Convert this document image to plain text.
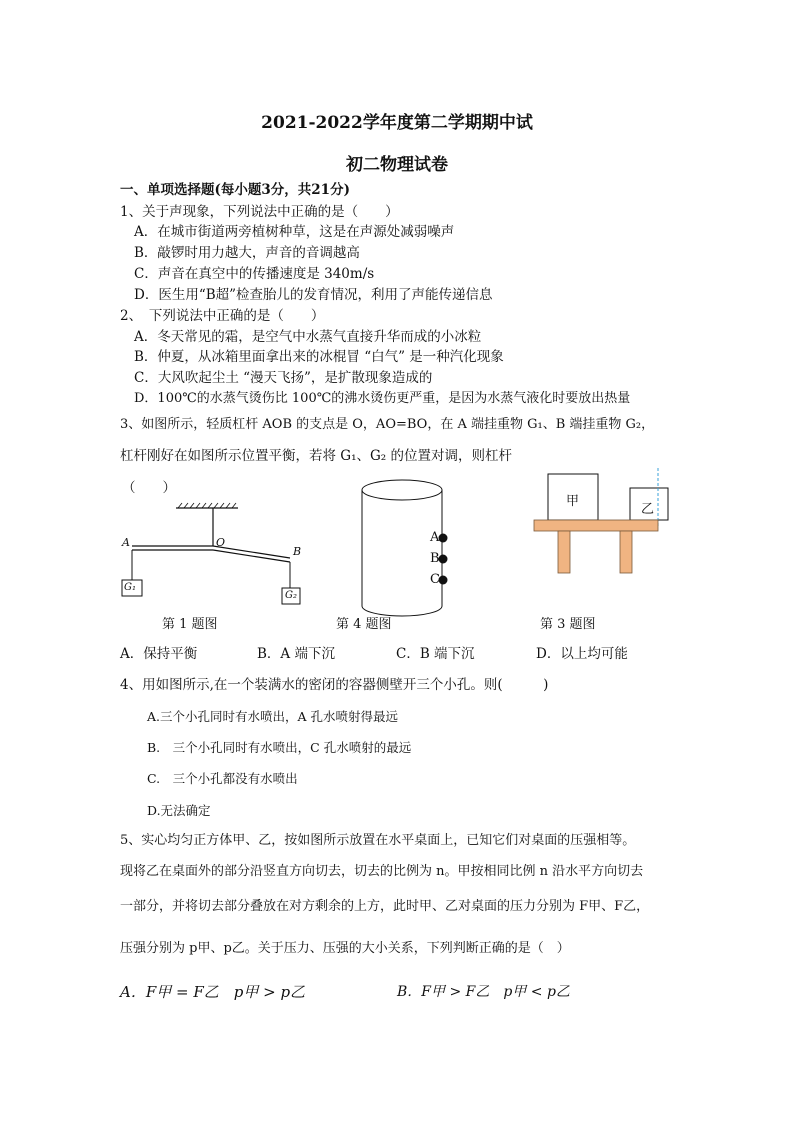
2021-2022学年度第二学期期中试
初二物理试卷
一、单项选择题(每小题3分，共21分)
1、关于声现象，下列说法中正确的是（　　）
A．在城市街道两旁植树种草，这是在声源处减弱噪声
B．敲锣时用力越大，声音的音调越高
C．声音在真空中的传播速度是 340m/s
D．医生用“B超”检查胎儿的发育情况，利用了声能传递信息
2、　下列说法中正确的是（　　）
A．冬天常见的霜，是空气中水蒸气直接升华而成的小冰粒
B．仲夏，从冰箱里面拿出来的冰棍冒 “白气” 是一种汽化现象
C．大风吹起尘土 “漫天飞扬”，是扩散现象造成的
D．100℃的水蒸气烫伤比 100℃的沸水烫伤更严重，是因为水蒸气液化时要放出热量
3、如图所示，轻质杠杆 AOB 的支点是 O，AO=BO，在 A 端挂重物 G₁、B 端挂重物 G₂，
杠杆刚好在如图所示位置平衡，若将 G₁、G₂ 的位置对调，则杠杆
（　　）
A	O
B
G₁
G₂
第 1 题图
A
B
C
第 4 题图
甲
乙
第 3 题图
A．保持平衡	B．A 端下沉	C．B 端下沉	D．以上均可能
4、用如图所示,在一个装满水的密闭的容器侧壁开三个小孔。则(　　　)
A.三个小孔同时有水喷出，A 孔水喷射得最远
B.　三个小孔同时有水喷出，C 孔水喷射的最远
C.　三个小孔都没有水喷出
D.无法确定
5、实心均匀正方体甲、乙，按如图所示放置在水平桌面上，已知它们对桌面的压强相等。
现将乙在桌面外的部分沿竖直方向切去，切去的比例为 n。甲按相同比例 n 沿水平方向切去
一部分，并将切去部分叠放在对方剩余的上方，此时甲、乙对桌面的压力分别为 F甲、F乙，
压强分别为 p甲、p乙。关于压力、压强的大小关系，下列判断正确的是（　）
A．F甲 = F乙　p甲 > p乙	B．F甲 > F乙　p甲 < p乙
